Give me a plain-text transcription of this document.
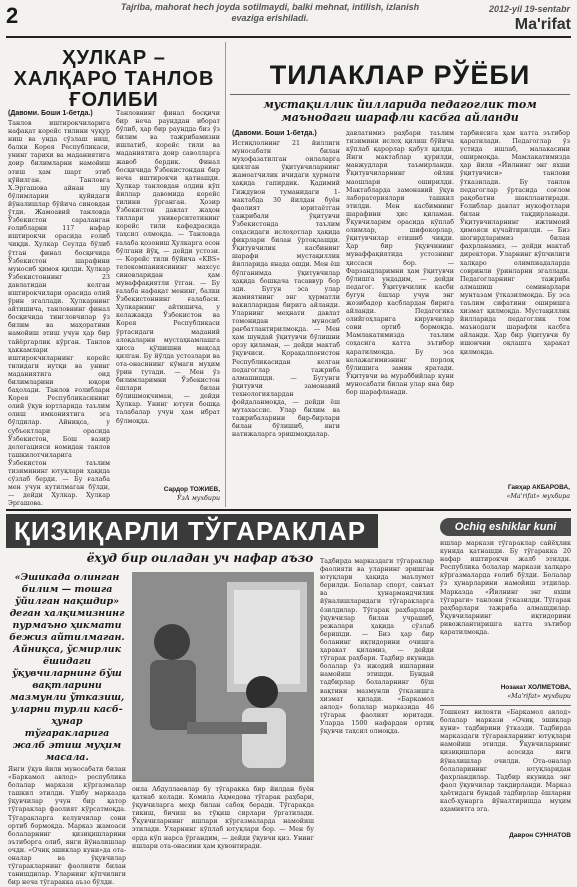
2	Tajriba, mahorat hech joyda sotilmaydi, balki mehnat, intilish, izlanish evaziga erishiladi.
2012-yil 19-sentabr
Ma'rifat
ҲУЛКАР – ХАЛҚАРО ТАНЛОВ ҒОЛИБИ
(Давоми. Боши 1-бетда.)
Танлов иштирокчиларига нафақат корейс тилини чуқур ниш ва унда сўзлаш ниш, балки Корея Республикаси, унинг тарихи ва маданиятига доир билимларни намойиш этиш ҳам шарт этиб қўйилган. Танловга Х.Эргашова айнан шу бўлимларни қуйидаги йўналишлар бўйича синовдан ўтди. Жамоавий танловда Ўзбекистон сараланган ғолибларни 117 нафар иштирокчи орасида ғолиб чиқди. Ҳулкар Сеулда бўлиб ўтган финал босқичида Ўзбекистон шарафини муносиб ҳимоя қилди. Ҳулкар Ўзбекистоннинг 23 давлатидан келган иштирокчилари орасида олий ўрин эгаллади. Ҳулкарнинг айтишича, танловнинг финал босқичида тингловчилар ўз билим ва маҳоратини намойиш этиш учун ҳар бир тайёргарлик кўрган. Танлов ҳаккамлари иштирокчиларнинг корейс тилидаги нутқи ва унинг маданиятига оид билимларини юқори баҳолади. Танлов ғолиблари Корея Республикасининг олий ўқув юртларида таълим олиш имкониятига эга бўлдилар. Айниқса, у субъектлари орасида Ўзбекистон, Бош вазир делегацияси номидан танлов ташкилотчиларига Ўзбекистон таълим тизимининг ютуқлари ҳақида сўзлаб берди. — Бу ғалаба мен учун кутилмаган бўлди, — дейди Ҳулкар. Ҳулкар Эргашова.
Танловнинг финал босқичи бир неча раунддан иборат бўлиб, ҳар бир раундда биз ўз билим ва тажрибамизни ишлатиб, корейс тили ва маданиятига доир саволларга жавоб бердик. Финал босқичида Ўзбекистондан бир неча иштирокчи қатнашди. Ҳулкар танловдан олдин кўп йиллар давомида корейс тилини ўрганган. Ҳозир Ўзбекистон давлат жаҳон тиллари университетининг корейс тили кафедрасида таҳсил олмоқда. — Танловда ғалаба қозониш Ҳулкарга осон бўлгани йўқ, — дейди устози. — Корейс тили бўйича «KBS» телекомпаниясининг махсус синовларидан ҳам муваффақиятли ўтган. — Бу ғалаба нафақат менинг, балки Ўзбекистоннинг ғалабаси. Ҳулкарнинг айтишича, у келажакда Ўзбекистон ва Корея Республикаси ўртасидаги маданий алоқаларни мустаҳкамлашга ҳисса қўшишни мақсад қилган. Бу йўлда устозлари ва ота-онасининг кўмаги муҳим ўрин тутади. — Мен ўз билимларимни Ўзбекистон ёшлари билан бўлишмоқчиман, — дейди Ҳулкар. Унинг ютуғи бошқа талабалар учун ҳам ибрат бўлмоқда.
Сардор ТОЖИЕВ,
ЎзА мухбири
ТИЛАКЛАР РЎЁБИ
мустақиллик йилларида педагоглик том маънодаги шарафли касбга айланди
(Давоми. Боши 1-бетда.)
Истиқлолнинг 21 йиллиги муносабати билан муҳофазатилган оилаларга қиялган ўқитувчиларнинг жамоатчилик ичидаги ҳурмати ҳақида гапирдик. Қадимий Гиждувон туманидаги 1-мактабда 30 йилдан буён фаолият юритаётган тажрибали ўқитувчи Ўзбекистонда таълим соҳасидаги ислоҳотлар ҳақида фикрлари билан ўртоқлашди. Ўқитувчилик касбининг шарафи мустақиллик йилларида янада ошди. Мен ёш бўлганимда ўқитувчилар ҳақида бошқача тасаввур бор эди. Бугун эса улар жамиятнинг энг ҳурматли вакилларидан бирига айланди. Уларнинг меҳнати давлат томонидан муносиб рағбатлантирилмоқда. — Мен ҳам шундай ўқитувчи бўлишни орзу қиламан, — дейди мактаб ўқувчиси. Қорақалпоғистон Республикасидан келган педагоглар тажриба алмашишди. — Бугунги ўқитувчи замонавий технологиялардан фойдаланмоқда, — дейди ёш мутахассис. Улар билим ва тажрибаларини бир-бирлари билан бўлишиб, янги натижаларга эришмоқдалар.
давлатимиз раҳбари таълим тизимини ислоҳ қилиш бўйича кўплаб қарорлар қабул қилди. Янги мактаблар қурилди, мавжудлари таъмирланди. Ўқитувчиларнинг ойлик маошлари оширилди. Мактабларда замонавий ўқув лабораториялари ташкил этилди. Мен касбимнинг шарафини ҳис қиламан. Ўқувчиларим орасида кўплаб олимлар, шифокорлар, ўқитувчилар етишиб чиқди. Ҳар бир ўқувчининг муваффақиятида устознинг ҳиссаси бор. — Фарзандларимни ҳам ўқитувчи бўлишга ундадим, — дейди педагог. Ўқитувчилик касби бугун ёшлар учун энг жозибадор касблардан бирига айланди. Педагогика олийгоҳларига кирувчилар сони ортиб бормоқда. Мамлакатимизда таълим соҳасига катта эътибор қаратилмоқда. Бу эса келажагимизнинг порлоқ бўлишига замин яратади. Ўқитувчи ва мураббийлар куни муносабати билан улар яна бир бор шарафланади.
тарбиясига ҳам катта эътибор қаратилади. Педагоглар ўз устида ишлаб, малакасини оширмоқда. Мамлакатимизда ҳар йили «Йилнинг энг яхши ўқитувчиси» танлови ўтказилади. Бу танлов педагоглар ўртасида соғлом рақобатни шакллантиради. Ғолиблар давлат мукофотлари билан тақдирланади. Ўқитувчиларнинг ижтимоий ҳимояси кучайтирилди. — Биз шогирдларимиз билан фахрланамиз, — дейди мактаб директори. Уларнинг кўпчилиги халқаро олимпиадаларда совринли ўринларни эгаллади. Педагогларнинг тажриба алмашиш семинарлари мунтазам ўтказилмоқда. Бу эса таълим сифатини оширишга хизмат қилмоқда. Мустақиллик йилларида педагоглик том маънодаги шарафли касбга айланди. Ҳар бир ўқитувчи бу ишончни оқлашга ҳаракат қилмоқда.
Гавҳар АКБАРОВА,
«Ma'rifat» мухбира
ҚИЗИҚАРЛИ ТЎГАРАКЛАР	Ochiq eshiklar kuni
ёхуд бир оиладан уч нафар аъзо
«Эшикада олинган билим — тошга ўйилган нақшдир» деган халқимизнинг пурмаъно ҳикмати бежиз айтилмаган. Айниқса, ўсмирлик ёшидаги ўқувчиларнинг бўш вақтларини мазмунли ўтказиш, уларни турли касб-ҳунар тўгаракларига жалб этиш муҳим масала.
Янги ўқув йили муносабати билан «Баркамол авлод» республика болалар маркази кўргазмалар ташкил этилди. Ушбу марказда ўқувчилар учун бир қатор тўгараклар фаолият кўрсатмоқда. Тўгаракларга келувчилар сони ортиб бормоқда. Марказ жамоаси болаларнинг қизиқишларини эътиборга олиб, янги йўналишлар очди. «Очиқ эшиклар куни»да ота-оналар ва ўқувчилар тўгаракларнинг фаолияти билан танишдилар. Уларнинг кўпчилиги бир неча тўгаракка аъзо бўлди.
оила Абдуллаевлар бу тўгаракка бир йилдан буён қатнаб келади. Комила Аҳмедова тўгарак раҳбари, ўқувчиларга меҳр билан сабоқ беради. Тўгаракда тикиш, бичиш ва тўқиш сирлари ўргатилади. Ўқувчиларнинг ишлари кўргазмаларда намойиш этилади. Уларнинг кўплаб ютуқлари бор. — Мен бу ерда кўп нарса ўргандим, — дейди ўқувчи қиз. Унинг ишлари ота-онасини ҳам қувонтиради.
Тадбирда марказдаги тўгараклар фаолияти ва уларнинг эришган ютуқлари ҳақида маълумот берилди. Болалар спорт, санъат ва ҳунармандчилик йўналишларидаги тўгаракларга ёзилдилар. Тўгарак раҳбарлари ўқувчилар билан учрашиб, режалари ҳақида сўзлаб беришди. — Биз ҳар бир боланинг иқтидорини очишга ҳаракат қиламиз, — дейди тўгарак раҳбари. Тадбир якунида болалар ўз ижодий ишларини намойиш этишди. Бундай тадбирлар болаларнинг бўш вақтини мазмунли ўтказишга хизмат қилади. «Баркамол авлод» болалар марказида 46 тўгарак фаолият юритади. Уларда 1500 нафардан ортиқ ўқувчи таҳсил олмоқда.
ишлар маркази тўгараклар сайёҳлик кунида қатнашди. Бу тўгаракка 20 нафар иштирокчи жалб этилди. Республика болалар маркази халқаро кўргазмаларда ғолиб бўлди. Болалар ўз ҳунарларини намойиш этдилар. Маркаэда «Йилнинг энг яхши тўгараги» танлови ўтказилди. Тўгарак раҳбарлари тажриба алмашдилар. Ўқувчиларнинг иқтидорини ривожлантиришга катта эътибор қаратилмоқда.
Нозакат ХОЛМЕТОВА,
«Ma'rifat» мухбири
Тошкент вилояти «Баркамол авлод» болалар маркази «Очиқ эшиклар куни» тадбирини ўтказди. Тадбирда марказдаги тўгаракларнинг ютуқлари намойиш этилди. Ўқувчиларнинг қизиқишлари асосида янги йўналишлар очилди. Ота-оналар болаларининг ютуқларидан фахрландилар. Тадбир якунида энг фаол ўқувчилар тақдирланди. Марказ ҳаётидаги бундай тадбирлар ёшларни касб-ҳунарга йўналтиришда муҳим аҳамиятга эга.
Даврон СУННАТОВ
